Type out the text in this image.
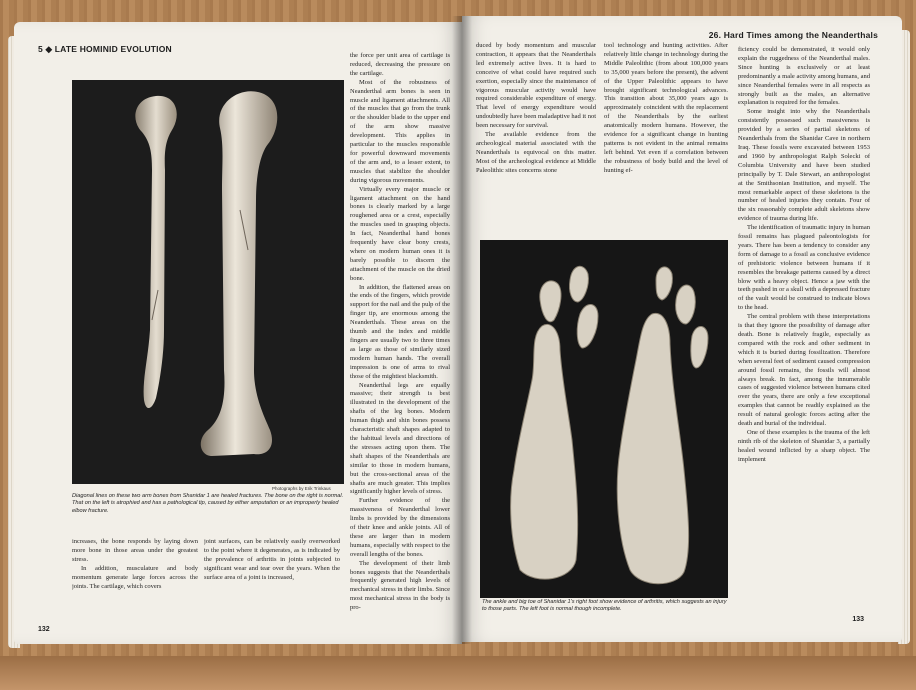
5 ◆ LATE HOMINID EVOLUTION
Photographs by Erik Trinkaus
Diagonal lines on these two arm bones from Shanidar 1 are healed fractures. The bone on the right is normal. That on the left is atrophied and has a pathological tip, caused by either amputation or an improperly healed elbow fracture.

increases, the bone responds by laying down more bone in those areas under the greatest stress.

In addition, musculature and body momentum generate large forces across the joints. The cartilage, which covers

joint surfaces, can be relatively easily overworked to the point where it degenerates, as is indicated by the prevalence of arthritis in joints subjected to significant wear and tear over the years. When the surface area of a joint is increased,

the force per unit area of cartilage is reduced, decreasing the pressure on the cartilage.

Most of the robustness of Neanderthal arm bones is seen in muscle and ligament attachments. All of the muscles that go from the trunk or the shoulder blade to the upper end of the arm show massive development. This applies in particular to the muscles responsible for powerful downward movements of the arm and, to a lesser extent, to muscles that stabilize the shoulder during vigorous movements.

Virtually every major muscle or ligament attachment on the hand bones is clearly marked by a large roughened area or a crest, especially the muscles used in grasping objects. In fact, Neanderthal hand bones frequently have clear bony crests, where on modern human ones it is barely possible to discern the attachment of the muscle on the dried bone.

In addition, the flattened areas on the ends of the fingers, which provide support for the nail and the pulp of the finger tip, are enormous among the Neanderthals. These areas on the thumb and the index and middle fingers are usually two to three times as large as those of similarly sized modern human hands. The overall impression is one of arms to rival those of the mightiest blacksmith.

Neanderthal legs are equally massive; their strength is best illustrated in the development of the shafts of the leg bones. Modern human thigh and shin bones possess characteristic shaft shapes adapted to the habitual levels and directions of the stresses acting upon them. The shaft shapes of the Neanderthals are similar to those in modern humans, but the cross-sectional areas of the shafts are much greater. This implies significantly higher levels of stress.

Further evidence of the massiveness of Neanderthal lower limbs is provided by the dimensions of their knee and ankle joints. All of these are larger than in modern humans, especially with respect to the overall lengths of the bones.

The development of their limb bones suggests that the Neanderthals frequently generated high levels of mechanical stress in their limbs. Since most mechanical stress in the body is pro-

132
26. Hard Times among the Neanderthals

duced by body momentum and muscular contraction, it appears that the Neanderthals led extremely active lives. It is hard to conceive of what could have required such exertion, especially since the maintenance of vigorous muscular activity would have required considerable expenditure of energy. That level of energy expenditure would undoubtedly have been maladaptive had it not been necessary for survival.

The available evidence from the archeological material associated with the Neanderthals is equivocal on this matter. Most of the archeological evidence at Middle Paleolithic sites concerns stone

tool technology and hunting activities. After relatively little change in technology during the Middle Paleolithic (from about 100,000 years to 35,000 years before the present), the advent of the Upper Paleolithic appears to have brought significant technological advances. This transition about 35,000 years ago is approximately coincident with the replacement of the Neanderthals by the earliest anatomically modern humans. However, the evidence for a significant change in hunting patterns is not evident in the animal remains left behind. Yet even if a correlation between the robustness of body build and the level of hunting ef-

The ankle and big toe of Shanidar 1's right foot show evidence of arthritis, which suggests an injury to those parts. The left foot is normal though incomplete.

ficiency could be demonstrated, it would only explain the ruggedness of the Neanderthal males. Since hunting is exclusively or at least predominantly a male activity among humans, and since Neanderthal females were in all respects as strongly built as the males, an alternative explanation is required for the females.

Some insight into why the Neanderthals consistently possessed such massiveness is provided by a series of partial skeletons of Neanderthals from the Shanidar Cave in northern Iraq. These fossils were excavated between 1953 and 1960 by anthropologist Ralph Solecki of Columbia University and have been studied principally by T. Dale Stewart, an anthropologist at the Smithsonian Institution, and myself. The most remarkable aspect of these skeletons is the number of healed injuries they contain. Four of the six reasonably complete adult skeletons show evidence of trauma during life.

The identification of traumatic injury in human fossil remains has plagued paleontologists for years. There has been a tendency to consider any form of damage to a fossil as conclusive evidence of prehistoric violence between humans if it resembles the breakage patterns caused by a direct blow with a heavy object. Hence a jaw with the teeth pushed in or a skull with a depressed fracture of the vault would be construed to indicate blows to the head.

The central problem with these interpretations is that they ignore the possibility of damage after death. Bone is relatively fragile, especially as compared with the rock and other sediment in which it is buried during fossilization. Therefore when several feet of sediment caused compression around fossil remains, the fossils will almost always break. In fact, among the innumerable cases of suggested violence between humans cited over the years, there are only a few exceptional examples that cannot be readily explained as the result of natural geologic forces acting after the death and burial of the individual.

One of these examples is the trauma of the left ninth rib of the skeleton of Shanidar 3, a partially healed wound inflicted by a sharp object. The implement

133
